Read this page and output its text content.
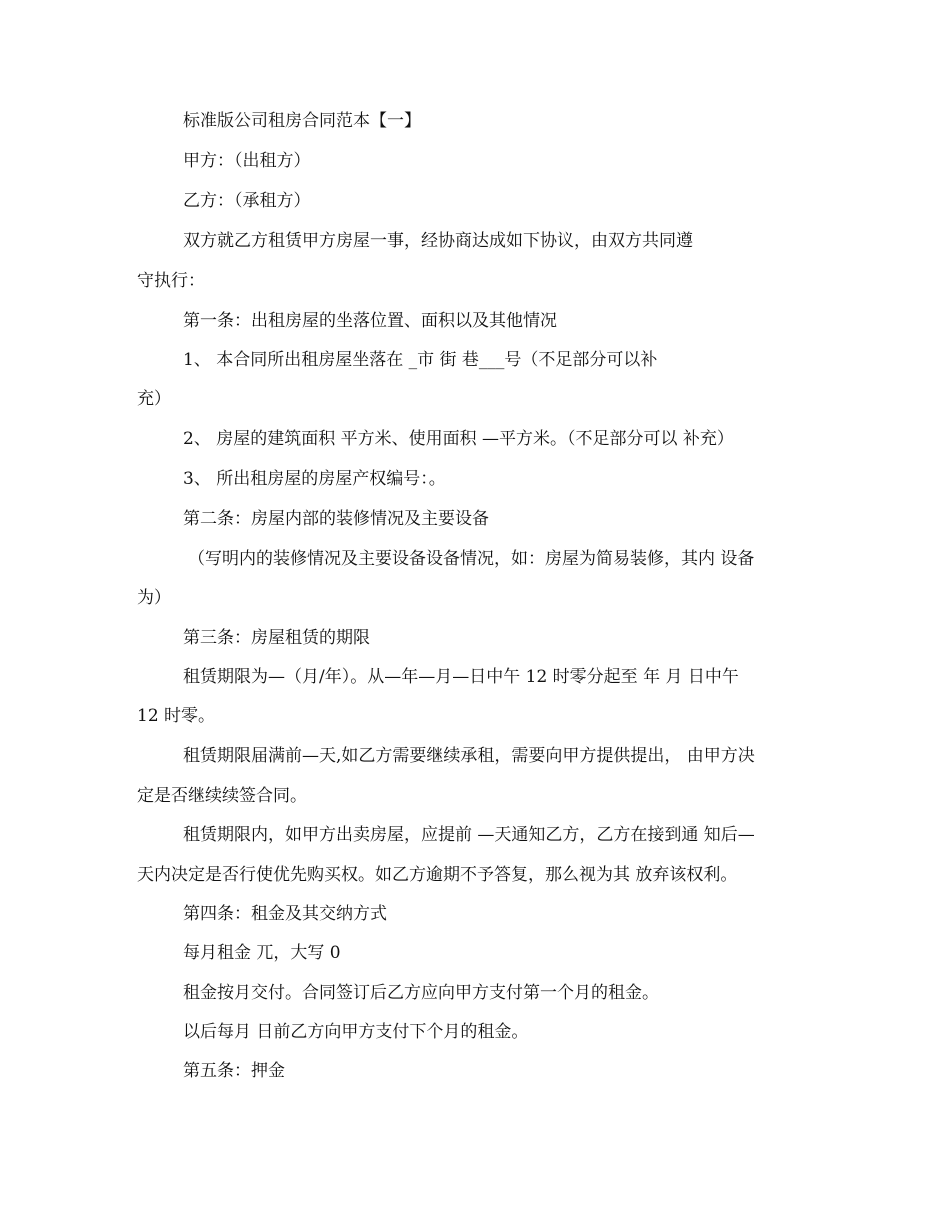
标准版公司租房合同范本【一】
甲方：（出租方）
乙方：（承租方）
双方就乙方租赁甲方房屋一事，经协商达成如下协议，由双方共同遵
守执行：
第一条：出租房屋的坐落位置、面积以及其他情况
1、 本合同所出租房屋坐落在 _市 街 巷___号（不足部分可以补
充）
2、 房屋的建筑面积 平方米、使用面积 —平方米。（不足部分可以 补充）
3、 所出租房屋的房屋产权编号：。
第二条：房屋内部的装修情况及主要设备
（写明内的装修情况及主要设备设备情况，如：房屋为简易装修，其内 设备
为）
第三条：房屋租赁的期限
租赁期限为—（月/年）。从—年—月—日中午 12 时零分起至 年 月 日中午
12 时零。
租赁期限届满前—天,如乙方需要继续承租，需要向甲方提供提出， 由甲方决
定是否继续续签合同。
租赁期限内，如甲方出卖房屋，应提前 —天通知乙方，乙方在接到通 知后—
天内决定是否行使优先购买权。如乙方逾期不予答复，那么视为其 放弃该权利。
第四条：租金及其交纳方式
每月租金 兀，大写 0
租金按月交付。合同签订后乙方应向甲方支付第一个月的租金。
以后每月 日前乙方向甲方支付下个月的租金。
第五条：押金
